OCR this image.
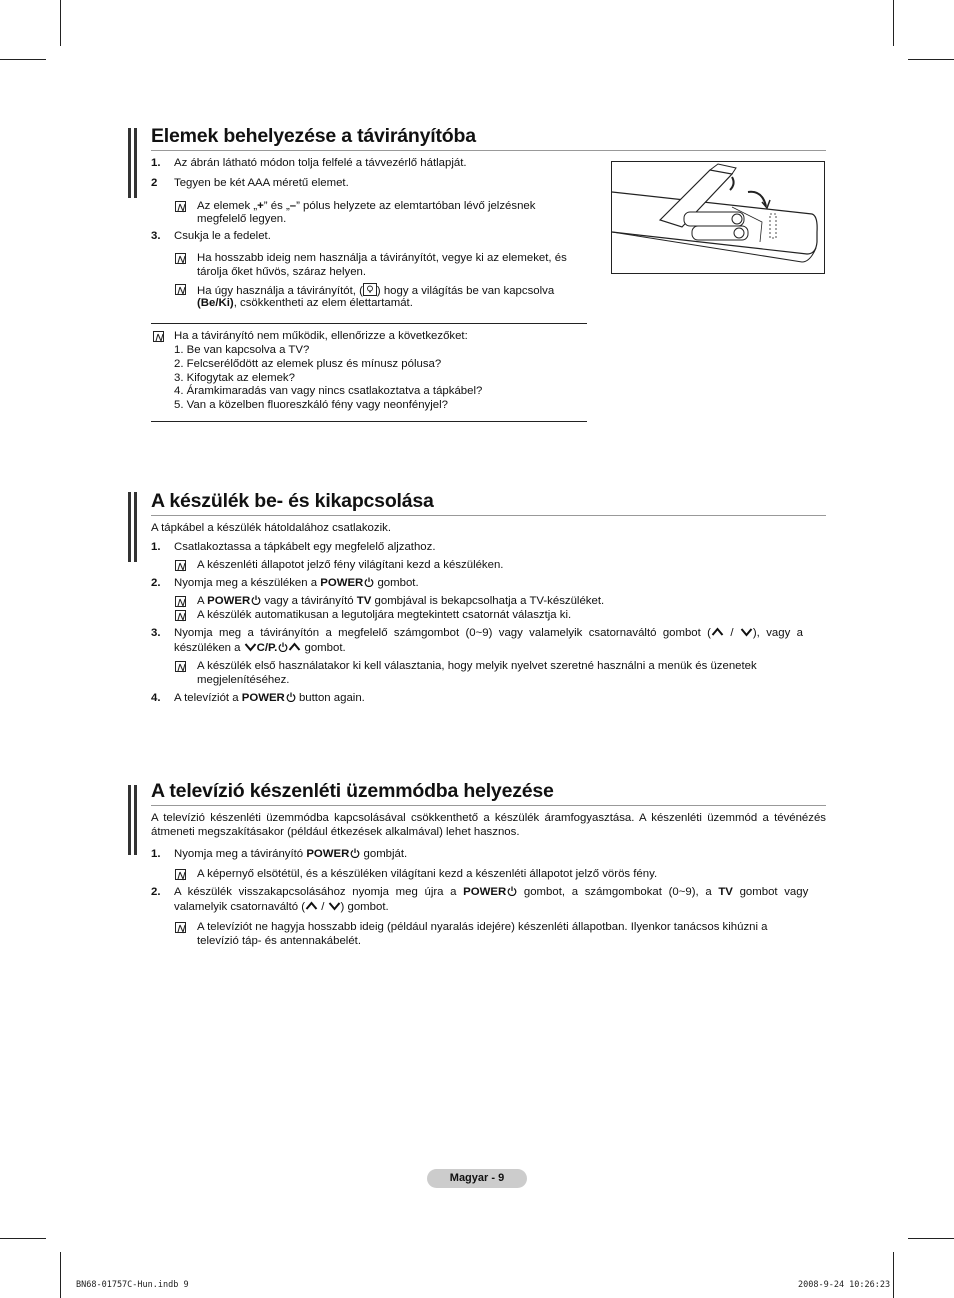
Elemek behelyezése a távirányítóba
1. Az ábrán látható módon tolja felfelé a távvezérlő hátlapját.

2 Tegyen be két AAA méretű elemet.

Az elemek „+” és „–” pólus helyzete az elemtartóban lévő jelzésnek

megfelelő legyen.

3. Csukja le a fedelet.

Ha hosszabb ideig nem használja a távirányítót, vegye ki az elemeket, és

tárolja őket hűvös, száraz helyen.

Ha úgy használja a távirányítót, ( ) hogy a világítás be van kapcsolva

(Be/Ki), csökkentheti az elem élettartamát.

Ha a távirányító nem működik, ellenőrizze a következőket:

1. Be van kapcsolva a TV?

2. Felcserélődött az elemek plusz és mínusz pólusa?

3. Kifogytak az elemek?

4. Áramkimaradás van vagy nincs csatlakoztatva a tápkábel?

5. Van a közelben fluoreszkáló fény vagy neonfényjel?

A készülék be- és kikapcsolása

A tápkábel a készülék hátoldalához csatlakozik.

1. Csatlakoztassa a tápkábelt egy megfelelő aljzathoz.

A készenléti állapotot jelző fény világítani kezd a készüléken.

2. Nyomja meg a készüléken a POWER gombot.

A POWER vagy a távirányító TV gombjával is bekapcsolhatja a TV-készüléket.

A készülék automatikusan a legutoljára megtekintett csatornát választja ki.

3. Nyomja meg a távirányítón a megfelelő számgombot (0~9) vagy valamelyik csatornaváltó gombot ( / ), vagy a

készüléken a C/P. gombot.

A készülék első használatakor ki kell választania, hogy melyik nyelvet szeretné használni a menük és üzenetek

megjelenítéséhez.

4. A televíziót a POWER button again.

A televízió készenléti üzemmódba helyezése

A televízió készenléti üzemmódba kapcsolásával csökkenthető a készülék áramfogyasztása. A készenléti üzemmód a tévénézés átmeneti megszakításakor (például étkezések alkalmával) lehet hasznos.

1. Nyomja meg a távirányító POWER gombját.

A képernyő elsötétül, és a készüléken világítani kezd a készenléti állapotot jelző vörös fény.

2. A készülék visszakapcsolásához nyomja meg újra a POWER gombot, a számgombokat (0~9), a TV gombot vagy

valamelyik csatornaváltó ( / ) gombot.

A televíziót ne hagyja hosszabb ideig (például nyaralás idejére) készenléti állapotban. Ilyenkor tanácsos kihúzni a

televízió táp- és antennakábelét.

Magyar - 9
BN68-01757C-Hun.indb 9	2008-9-24 10:26:23
